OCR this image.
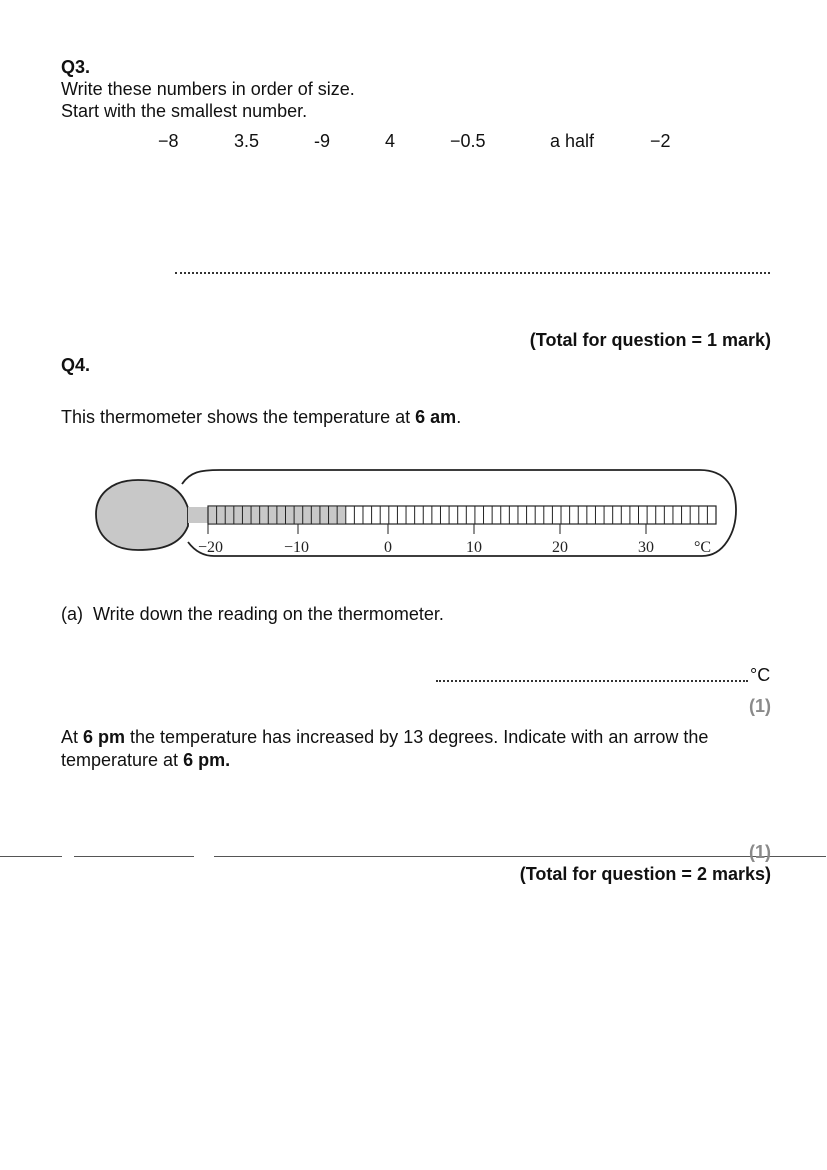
Q3.
Write these numbers in order of size.
Start with the smallest number.
−8	3.5	-9	4	−0.5	a half	−2
(Total for question = 1 mark)
Q4.
This thermometer shows the temperature at 6 am.
−20	−10	0	10	20	30	°C
(a) Write down the reading on the thermometer.
°C
(1)
At 6 pm the temperature has increased by 13 degrees. Indicate with an arrow the
temperature at 6 pm.
(1)
(Total for question = 2 marks)
